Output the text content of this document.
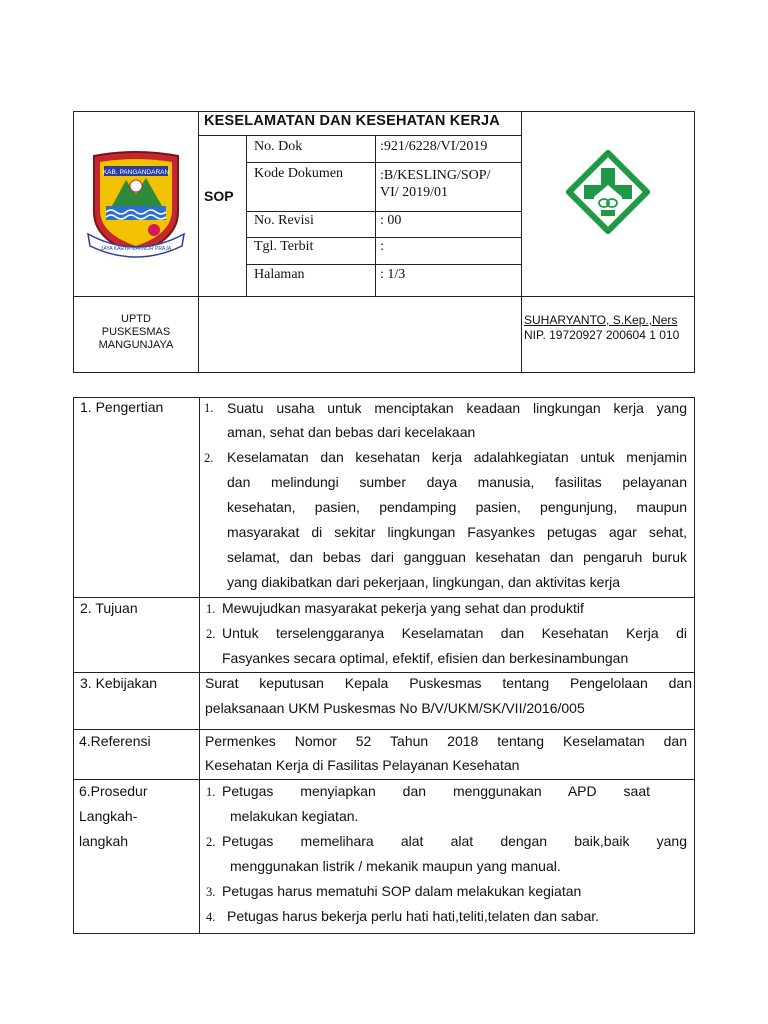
KAB. PANGANDARAN
JAYA KARYA MAKMUR PRAJA
KESELAMATAN DAN KESEHATAN KERJA
SOP
No. Dok	:921/6228/VI/2019
Kode Dokumen	:B/KESLING/SOP/
VI/ 2019/01
No. Revisi	: 00
Tgl. Terbit	:
Halaman	: 1/3
UPTD
PUSKESMAS
MANGUNJAYA
SUHARYANTO, S.Kep.,Ners
NIP. 19720927 200604 1 010
1. Pengertian	1. Suatu usaha untuk menciptakan keadaan lingkungan kerja yang
aman, sehat dan bebas dari kecelakaan
2. Keselamatan dan kesehatan kerja adalahkegiatan untuk menjamin
dan melindungi sumber daya manusia, fasilitas pelayanan
kesehatan, pasien, pendamping pasien, pengunjung, maupun
masyarakat di sekitar lingkungan Fasyankes petugas agar sehat,
selamat, dan bebas dari gangguan kesehatan dan pengaruh buruk
yang diakibatkan dari pekerjaan, lingkungan, dan aktivitas kerja
2. Tujuan	1. Mewujudkan masyarakat pekerja yang sehat dan produktif
2. Untuk terselenggaranya Keselamatan dan Kesehatan Kerja di
Fasyankes secara optimal, efektif, efisien dan berkesinambungan
3. Kebijakan	Surat keputusan Kepala Puskesmas tentang Pengelolaan dan
pelaksanaan UKM Puskesmas No B/V/UKM/SK/VII/2016/005
4.Referensi	Permenkes Nomor 52 Tahun 2018 tentang Keselamatan dan
Kesehatan Kerja di Fasilitas Pelayanan Kesehatan
6.Prosedur
Langkah-
langkah
1. Petugas menyiapkan dan menggunakan APD saat
melakukan kegiatan.
2. Petugas memelihara alat alat dengan baik,baik yang
menggunakan listrik / mekanik maupun yang manual.
3. Petugas harus mematuhi SOP dalam melakukan kegiatan
4. Petugas harus bekerja perlu hati hati,teliti,telaten dan sabar.
